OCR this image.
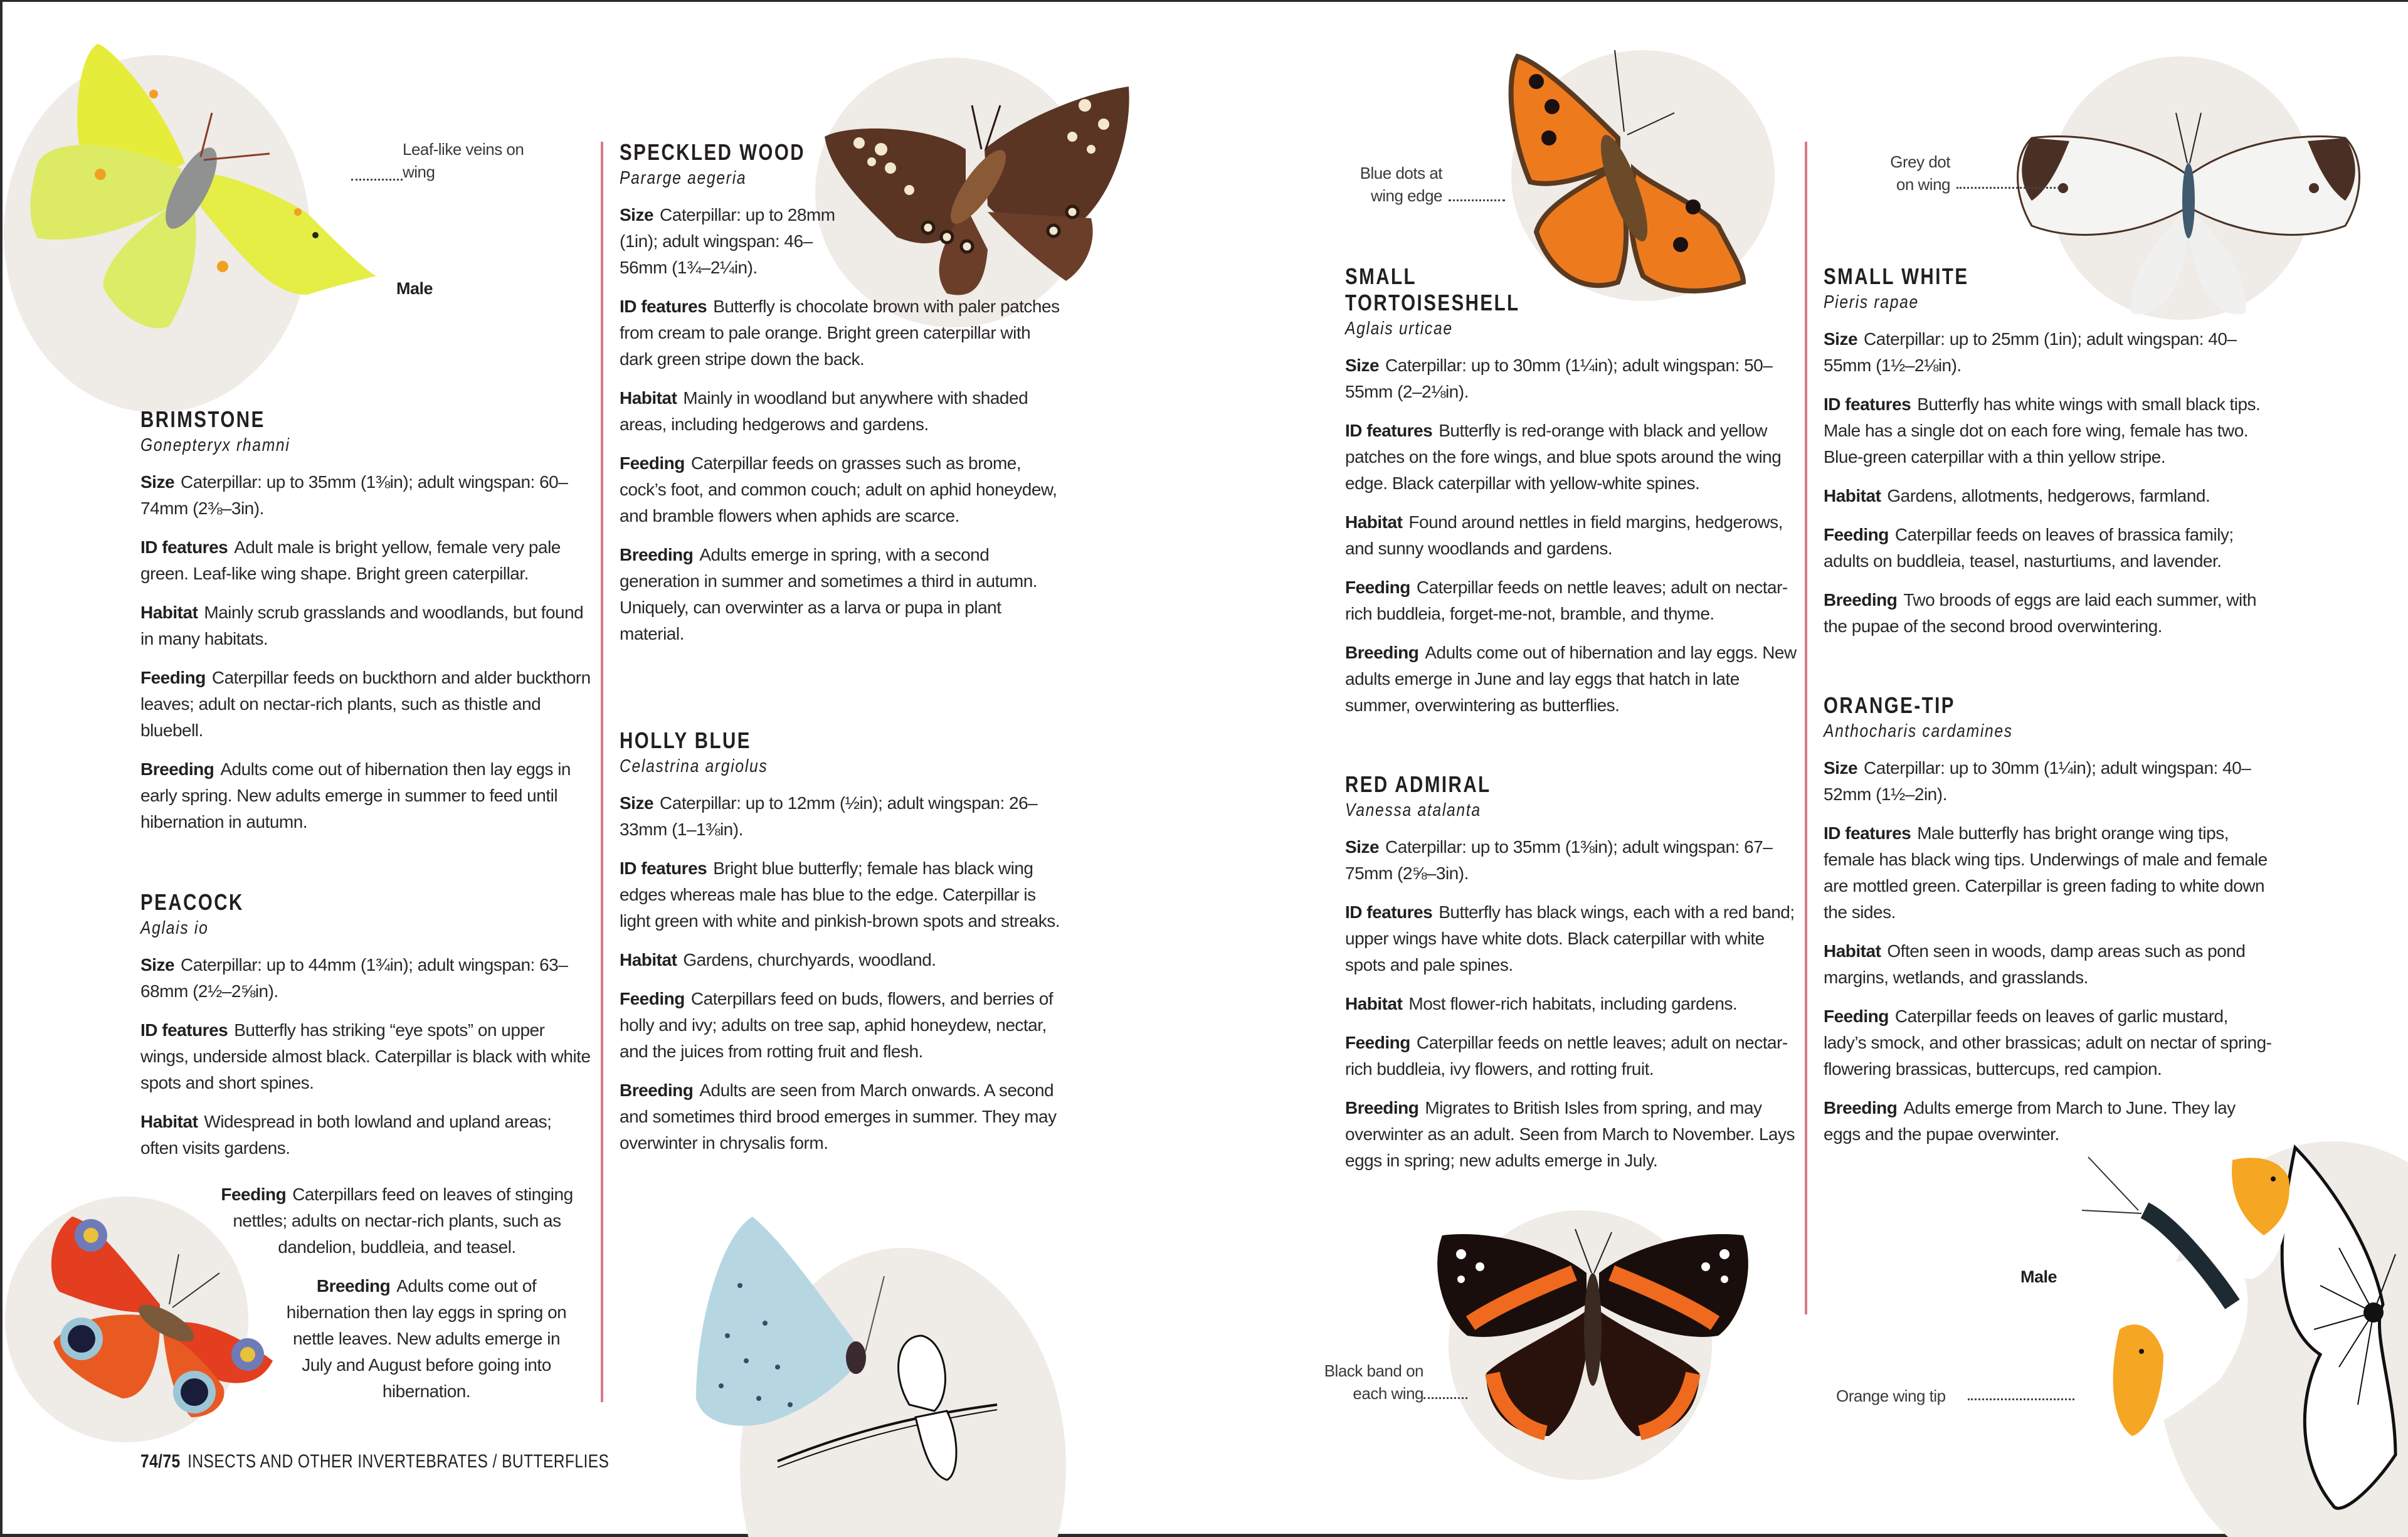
Leaf-like veins on wing
Male
Blue dots at wing edge
Grey dot on wing
Black band on each wing
Male
Orange wing tip
BRIMSTONE
Gonepteryx rhamni

Size Caterpillar: up to 35mm (1⅜in); adult wingspan: 60–74mm (2⅜–3in).

ID features Adult male is bright yellow, female very pale green. Leaf-like wing shape. Bright green caterpillar.

Habitat Mainly scrub grasslands and woodlands, but found in many habitats.

Feeding Caterpillar feeds on buckthorn and alder buckthorn leaves; adult on nectar-rich plants, such as thistle and bluebell.

Breeding Adults come out of hibernation then lay eggs in early spring. New adults emerge in summer to feed until hibernation in autumn.

PEACOCK
Aglais io

Size Caterpillar: up to 44mm (1¾in); adult wingspan: 63–68mm (2½–2⅝in).

ID features Butterfly has striking “eye spots” on upper wings, underside almost black. Caterpillar is black with white spots and short spines.

Habitat Widespread in both lowland and upland areas; often visits gardens.

Feeding Caterpillars feed on leaves of stinging nettles; adults on nectar-rich plants, such as dandelion, buddleia, and teasel.

Breeding Adults come out of hibernation then lay eggs in spring on nettle leaves. New adults emerge in July and August before going into hibernation.

SPECKLED WOOD
Pararge aegeria

Size Caterpillar: up to 28mm (1in); adult wingspan: 46–56mm (1¾–2¼in).

ID features Butterfly is chocolate brown with paler patches from cream to pale orange. Bright green caterpillar with dark green stripe down the back.

Habitat Mainly in woodland but anywhere with shaded areas, including hedgerows and gardens.

Feeding Caterpillar feeds on grasses such as brome, cock’s foot, and common couch; adult on aphid honeydew, and bramble flowers when aphids are scarce.

Breeding Adults emerge in spring, with a second generation in summer and sometimes a third in autumn. Uniquely, can overwinter as a larva or pupa in plant material.

HOLLY BLUE
Celastrina argiolus

Size Caterpillar: up to 12mm (½in); adult wingspan: 26–33mm (1–1⅜in).

ID features Bright blue butterfly; female has black wing edges whereas male has blue to the edge. Caterpillar is light green with white and pinkish-brown spots and streaks.

Habitat Gardens, churchyards, woodland.

Feeding Caterpillars feed on buds, flowers, and berries of holly and ivy; adults on tree sap, aphid honeydew, nectar, and the juices from rotting fruit and flesh.

Breeding Adults are seen from March onwards. A second and sometimes third brood emerges in summer. They may overwinter in chrysalis form.

SMALL
TORTOISESHELL
Aglais urticae

Size Caterpillar: up to 30mm (1¼in); adult wingspan: 50–55mm (2–2⅛in).

ID features Butterfly is red-orange with black and yellow patches on the fore wings, and blue spots around the wing edge. Black caterpillar with yellow-white spines.

Habitat Found around nettles in field margins, hedgerows, and sunny woodlands and gardens.

Feeding Caterpillar feeds on nettle leaves; adult on nectar-rich buddleia, forget-me-not, bramble, and thyme.

Breeding Adults come out of hibernation and lay eggs. New adults emerge in June and lay eggs that hatch in late summer, overwintering as butterflies.

RED ADMIRAL
Vanessa atalanta

Size Caterpillar: up to 35mm (1⅜in); adult wingspan: 67–75mm (2⅝–3in).

ID features Butterfly has black wings, each with a red band; upper wings have white dots. Black caterpillar with white spots and pale spines.

Habitat Most flower-rich habitats, including gardens.

Feeding Caterpillar feeds on nettle leaves; adult on nectar-rich buddleia, ivy flowers, and rotting fruit.

Breeding Migrates to British Isles from spring, and may overwinter as an adult. Seen from March to November. Lays eggs in spring; new adults emerge in July.

SMALL WHITE
Pieris rapae

Size Caterpillar: up to 25mm (1in); adult wingspan: 40–55mm (1½–2⅛in).

ID features Butterfly has white wings with small black tips. Male has a single dot on each fore wing, female has two. Blue-green caterpillar with a thin yellow stripe.

Habitat Gardens, allotments, hedgerows, farmland.

Feeding Caterpillar feeds on leaves of brassica family; adults on buddleia, teasel, nasturtiums, and lavender.

Breeding Two broods of eggs are laid each summer, with the pupae of the second brood overwintering.

ORANGE-TIP
Anthocharis cardamines

Size Caterpillar: up to 30mm (1¼in); adult wingspan: 40–52mm (1½–2in).

ID features Male butterfly has bright orange wing tips, female has black wing tips. Underwings of male and female are mottled green. Caterpillar is green fading to white down the sides.

Habitat Often seen in woods, damp areas such as pond margins, wetlands, and grasslands.

Feeding Caterpillar feeds on leaves of garlic mustard, lady’s smock, and other brassicas; adult on nectar of spring-flowering brassicas, buttercups, red campion.

Breeding Adults emerge from March to June. They lay eggs and the pupae overwinter.

74/75 INSECTS AND OTHER INVERTEBRATES / BUTTERFLIES
